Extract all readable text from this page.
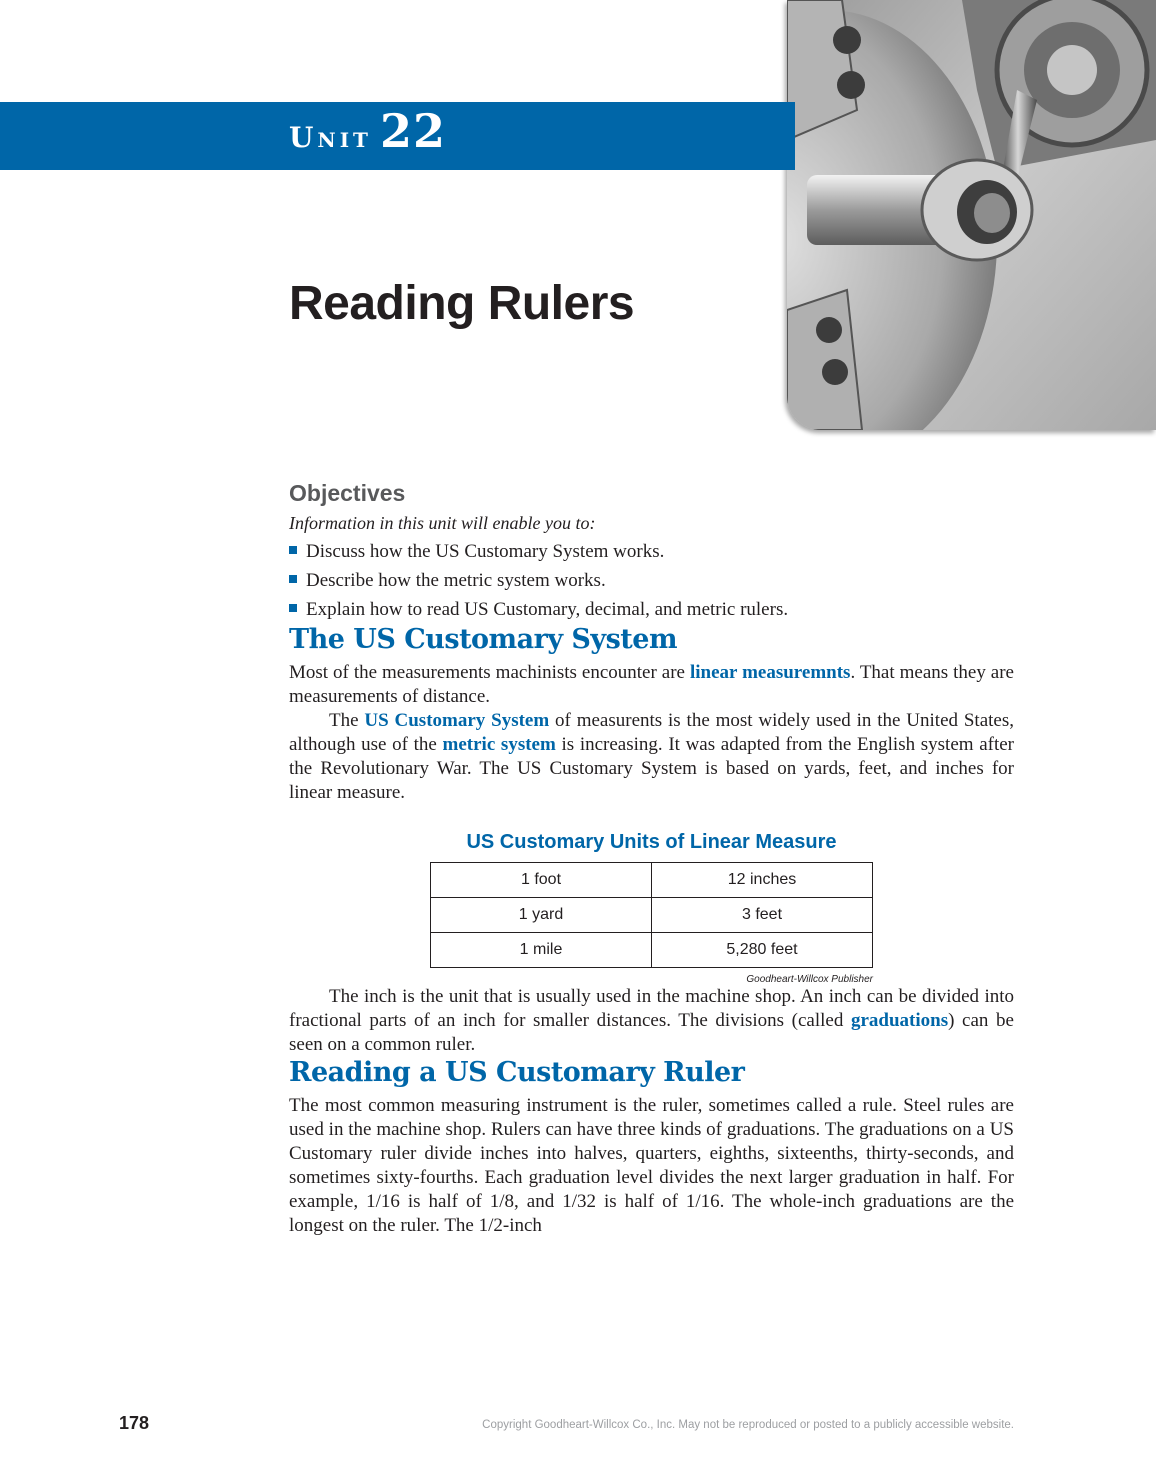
Unit 22
Reading Rulers
Objectives

Information in this unit will enable you to:

Discuss how the US Customary System works.
Describe how the metric system works.
Explain how to read US Customary, decimal, and metric rulers.
The US Customary System

Most of the measurements machinists encounter are linear measuremnts. That means they are measurements of distance.

The US Customary System of measurents is the most widely used in the United States, although use of the metric system is increasing. It was adapted from the English system after the Revolutionary War. The US Customary System is based on yards, feet, and inches for linear measure.

US Customary Units of Linear Measure
1 foot	12 inches
1 yard	3 feet
1 mile	5,280 feet
Goodheart-Willcox Publisher

The inch is the unit that is usually used in the machine shop. An inch can be divided into fractional parts of an inch for smaller distances. The divisions (called graduations) can be seen on a common ruler.

Reading a US Customary Ruler

The most common measuring instrument is the ruler, sometimes called a rule. Steel rules are used in the machine shop. Rulers can have three kinds of graduations. The graduations on a US Customary ruler divide inches into halves, quarters, eighths, sixteenths, thirty-seconds, and sometimes sixty-fourths. Each graduation level divides the next larger graduation in half. For example, 1/16 is half of 1/8, and 1/32 is half of 1/16. The whole-inch graduations are the longest on the ruler. The 1/2-inch

178	Copyright Goodheart-Willcox Co., Inc. May not be reproduced or posted to a publicly accessible website.
